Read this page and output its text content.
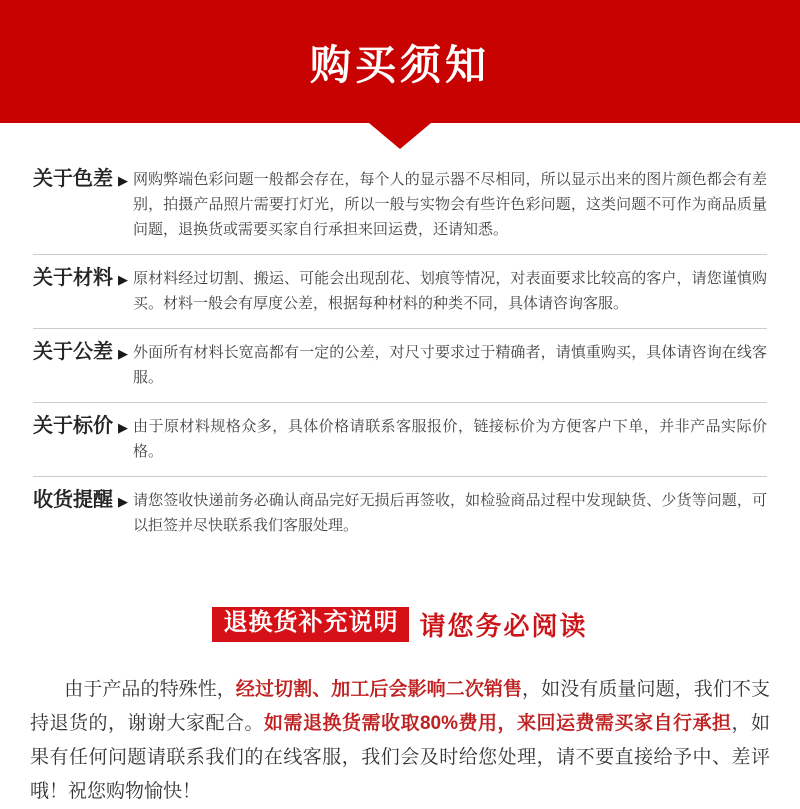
购买须知
关于色差 ▶ 网购弊端色彩问题一般都会存在，每个人的显示器不尽相同，所以显示出来的图片颜色都会有差别，拍摄产品照片需要打灯光，所以一般与实物会有些许色彩问题，这类问题不可作为商品质量问题，退换货或需要买家自行承担来回运费，还请知悉。
关于材料 ▶ 原材料经过切割、搬运、可能会出现刮花、划痕等情况，对表面要求比较高的客户，请您谨慎购买。材料一般会有厚度公差，根据每种材料的种类不同，具体请咨询客服。
关于公差 ▶ 外面所有材料长宽高都有一定的公差，对尺寸要求过于精确者，请慎重购买，具体请咨询在线客服。
关于标价 ▶ 由于原材料规格众多，具体价格请联系客服报价，链接标价为方便客户下单，并非产品实际价格。
收货提醒 ▶ 请您签收快递前务必确认商品完好无损后再签收，如检验商品过程中发现缺货、少货等问题，可以拒签并尽快联系我们客服处理。
退换货补充说明 请您务必阅读

由于产品的特殊性，经过切割、加工后会影响二次销售，如没有质量问题，我们不支持退货的，谢谢大家配合。如需退换货需收取80%费用，来回运费需买家自行承担，如果有任何问题请联系我们的在线客服，我们会及时给您处理，请不要直接给予中、差评哦！祝您购物愉快！
